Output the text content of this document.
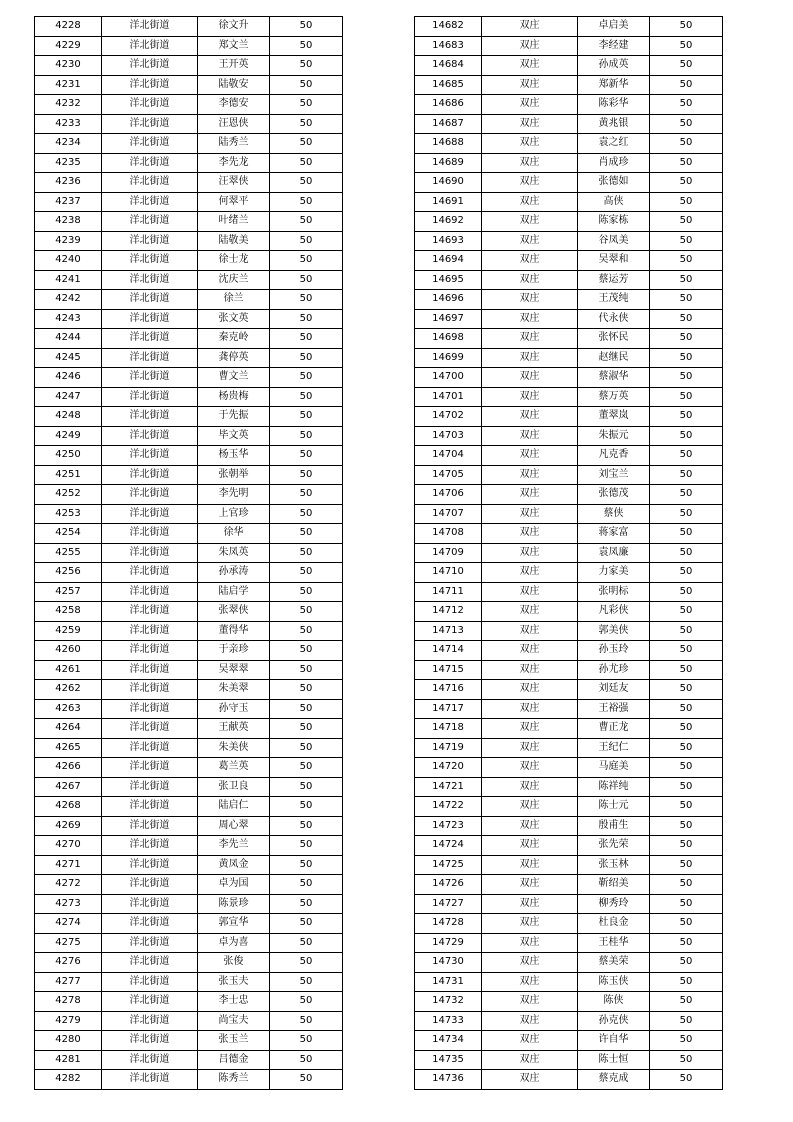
4228	洋北街道	徐文升	50
4229	洋北街道	郑文兰	50
4230	洋北街道	王开英	50
4231	洋北街道	陆敬安	50
4232	洋北街道	李德安	50
4233	洋北街道	汪恩侠	50
4234	洋北街道	陆秀兰	50
4235	洋北街道	李先龙	50
4236	洋北街道	汪翠侠	50
4237	洋北街道	何翠平	50
4238	洋北街道	叶绪兰	50
4239	洋北街道	陆敬美	50
4240	洋北街道	徐士龙	50
4241	洋北街道	沈庆兰	50
4242	洋北街道	徐兰	50
4243	洋北街道	张文英	50
4244	洋北街道	秦克岭	50
4245	洋北街道	龚停英	50
4246	洋北街道	曹文兰	50
4247	洋北街道	杨贵梅	50
4248	洋北街道	于先振	50
4249	洋北街道	毕文英	50
4250	洋北街道	杨玉华	50
4251	洋北街道	张朝举	50
4252	洋北街道	李先明	50
4253	洋北街道	上官珍	50
4254	洋北街道	徐华	50
4255	洋北街道	朱凤英	50
4256	洋北街道	孙承涛	50
4257	洋北街道	陆启学	50
4258	洋北街道	张翠侠	50
4259	洋北街道	董得华	50
4260	洋北街道	于亲珍	50
4261	洋北街道	吴翠翠	50
4262	洋北街道	朱美翠	50
4263	洋北街道	孙守玉	50
4264	洋北街道	王献英	50
4265	洋北街道	朱美侠	50
4266	洋北街道	葛兰英	50
4267	洋北街道	张卫良	50
4268	洋北街道	陆启仁	50
4269	洋北街道	周心翠	50
4270	洋北街道	李先兰	50
4271	洋北街道	黄凤金	50
4272	洋北街道	卓为国	50
4273	洋北街道	陈景珍	50
4274	洋北街道	郭宣华	50
4275	洋北街道	卓为喜	50
4276	洋北街道	张俊	50
4277	洋北街道	张玉夫	50
4278	洋北街道	李士忠	50
4279	洋北街道	尚宝夫	50
4280	洋北街道	张玉兰	50
4281	洋北街道	吕德金	50
4282	洋北街道	陈秀兰	50
14682	双庄	卓启美	50
14683	双庄	李经建	50
14684	双庄	孙成英	50
14685	双庄	郑新华	50
14686	双庄	陈彩华	50
14687	双庄	黄兆银	50
14688	双庄	袁之红	50
14689	双庄	肖成珍	50
14690	双庄	张德如	50
14691	双庄	高侠	50
14692	双庄	陈家栋	50
14693	双庄	谷凤美	50
14694	双庄	吴翠和	50
14695	双庄	蔡运芳	50
14696	双庄	王茂纯	50
14697	双庄	代永侠	50
14698	双庄	张怀民	50
14699	双庄	赵继民	50
14700	双庄	蔡淑华	50
14701	双庄	蔡万英	50
14702	双庄	董翠岚	50
14703	双庄	朱振元	50
14704	双庄	凡克香	50
14705	双庄	刘宝兰	50
14706	双庄	张德茂	50
14707	双庄	蔡侠	50
14708	双庄	蒋家富	50
14709	双庄	袁凤廉	50
14710	双庄	力家美	50
14711	双庄	张明标	50
14712	双庄	凡彩侠	50
14713	双庄	郭美侠	50
14714	双庄	孙玉玲	50
14715	双庄	孙尤珍	50
14716	双庄	刘廷友	50
14717	双庄	王裕强	50
14718	双庄	曹正龙	50
14719	双庄	王纪仁	50
14720	双庄	马庭美	50
14721	双庄	陈祥纯	50
14722	双庄	陈士元	50
14723	双庄	殷甫生	50
14724	双庄	张先荣	50
14725	双庄	张玉林	50
14726	双庄	靳绍美	50
14727	双庄	柳秀玲	50
14728	双庄	杜良金	50
14729	双庄	王桂华	50
14730	双庄	蔡美荣	50
14731	双庄	陈玉侠	50
14732	双庄	陈侠	50
14733	双庄	孙克侠	50
14734	双庄	许自华	50
14735	双庄	陈士恒	50
14736	双庄	蔡克成	50
